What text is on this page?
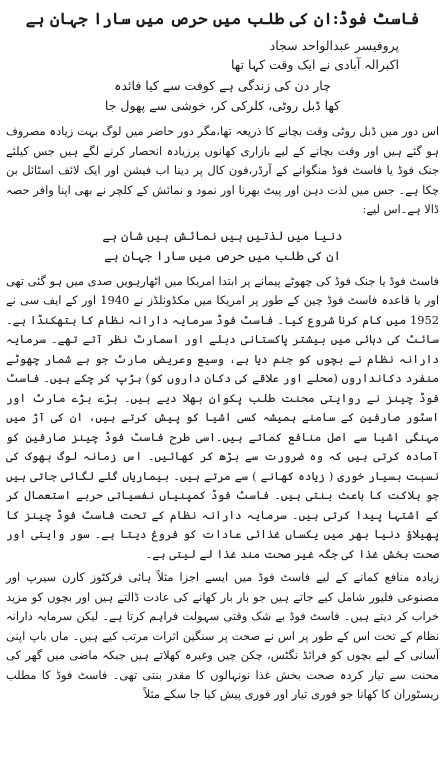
فاسٹ فوڈ:ان کی طلب میں حرص میں سارا جہان ہے
پروفیسر عبدالواحد سجاد
اکبرالہ آبادی نے ایک وقت کہا تھا
چار دن کی زندگی ہے کوفت سے کیا فائدہ
کھا ڈبل روٹی، کلرکی کر، خوشی سے پھول جا
اس دور میں ڈبل روٹی وقت بچانے کا ذریعہ تھا،مگر دور حاضر میں لوگ بہت زیادہ مصروف ہو گئے ہیں اور وقت بچانے کے لیے بازاری کھانوں پرزیادہ انحصار کرنے لگے ہیں جس کیلئے جنک فوڈ یا فاسٹ فوڈ منگوانے کے آرڈر،فون کال پر دینا اب فیشن اور ایک لائف اسٹائل بن چکا ہے۔ جس میں لذت دہن اور پیٹ بھرنا اور نمود و نمائش کے کلچر نے بھی اپنا وافر حصہ ڈالا ہے۔اس لیے:
دنیا میں لذتیں ہیں نمائش ہیں شان ہے
ان کی طلب میں حرص میں سارا جہان ہے
فاسٹ فوڈ یا جنک فوڈ کی چھوٹے پیمانے پر ابتدا امریکا میں اٹھارہویں صدی میں ہو گئی تھی اور با قاعدہ فاسٹ فوڈ چین کے طور پر امریکا میں مکڈونلڈز نے 1940 اور کے ایف سی نے 1952 میں کام کرنا شروع کیا۔ فاسٹ فوڈ سرمایہ دارانہ نظام کا ہتھکنڈا ہے۔سائٹ کی دہائی میں بیشتر پاکستانی دبلے اور اسمارٹ نظر آتے تھے۔ سرمایہ دارانہ نظام نے بچوں کو جنم دیا ہے، وسیع وعریض مارٹ جو بے شمار چھوٹے منفرد دکانداروں (محلے اور علاقے کی دکان داروں کو) ہڑپ کر چکے ہیں۔ فاسٹ فوڈ چینز نے روایتی محنت طلب پکوان بھلا دیے ہیں۔ بڑے بڑے مارٹ اور اسٹور صارفین کے سامنے ہمیشہ کسی اشیا کو پیش کرتے ہیں، ان کی آڑ میں مہنگی اشیا سے اصل منافع کماتے ہیں۔اسی طرح فاسٹ فوڈ چینز صارفین کو آمادہ کرتی ہیں کہ وہ ضرورت سے بڑھ کر کھائیں۔ اس زمانہ لوگ بھوک کی نسبت بسیار خوری ( زیادہ کھانے ) سے مرتے ہیں۔ بیماریاں گلے لگائی جاتی ہیں جو ہلاکت کا باعث بنتی ہیں۔ فاسٹ فوڈ کمپنیاں نفسیاتی حربے استعمال کر کے اشتہا پیدا کرتی ہیں۔ سرمایہ دارانہ نظام کے تحت فاسٹ فوڈ چینز کا پھیلاؤ دنیا بھر میں یکساں غذائی عادات کو فروغ دیتا ہے۔ سور وایتی اور صحت بخش غذا کی جگہ غیر صحت مند غذا لے لیتی ہے۔
زیادہ منافع کمانے کے لیے فاسٹ فوڈ میں ایسے اجزا مثلاً ہائی فرکٹوز کارن سیرپ اور مصنوعی فلیور شامل کیے جاتے ہیں جو بار بار کھانے کی عادت ڈالتے ہیں اور بچوں کو مزید خراب کر دیتے ہیں۔ فاسٹ فوڈ بے شک وقتی سہولت فراہم کرتا ہے۔ لیکن سرمایہ دارانہ نظام کے تحت اس کے طور پر اس نے صحت پر سنگین اثرات مرتب کیے ہیں۔ ماں باپ اپنی آسانی کے لیے بچوں کو فرائڈ نگٹس، چکن چیں وغیرہ کھلاتے ہیں جبکہ ماضی میں گھر کی محنت سے تیار کردہ صحت بخش غذا نونہالوں کا مقدر بنتی تھی۔ فاسٹ فوڈ کا مطلب ریسٹوران کا کھانا جو فوری تیار اور فوری پیش کیا جا سکے مثلاً
